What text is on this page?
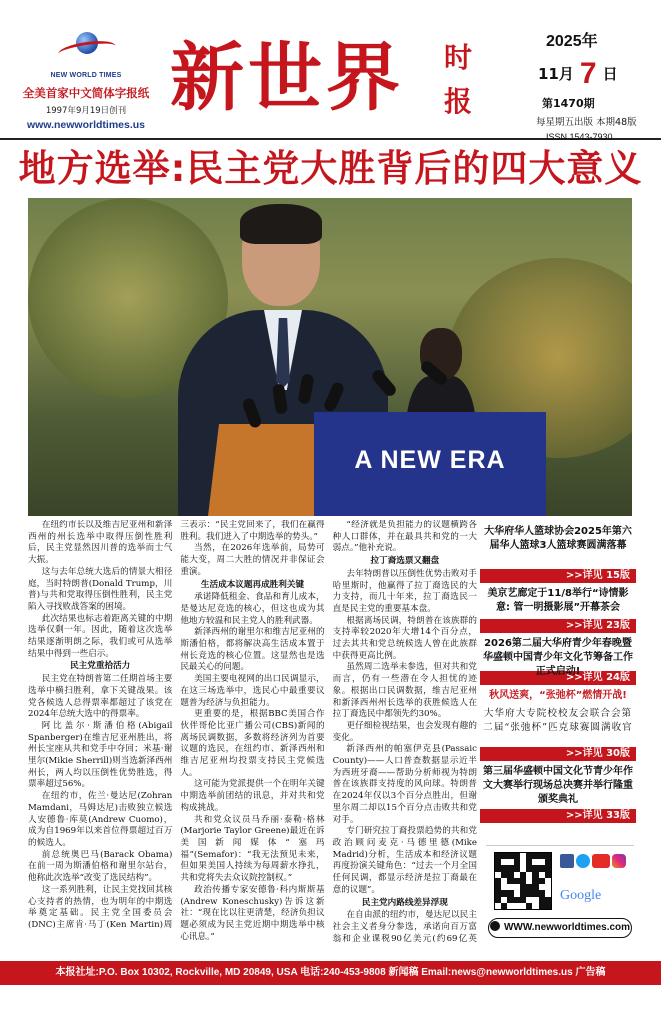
NEW WORLD TIMES
全美首家中文简体字报纸
1997年9月19日创刊
www.newworldtimes.us
新世界 时
报
2025年
11月 7 日
第1470期
每星期五出版 本期48版
ISSN 1543-7930
地方选举:民主党大胜背后的四大意义
A NEW ERA

在纽约市长以及维吉尼亚州和新泽西州的州长选举中取得压倒性胜利后，民主党显然因川普的选举而士气大振。

这与去年总统大选后的情景大相径庭，当时特朗普(Donald Trump，川普)与共和党取得压倒性胜利，民主党陷入寻找败战答案的困境。

此次结果也标志着距离关键的中期选举仅剩一年。因此，随着这次选举结果逐渐明朗之际，我们或可从选举结果中得到一些启示。

民主党重拾活力

民主党在特朗普第二任期首场主要选举中横扫胜利，拿下关键战果。该党各候选人总得票率都超过了该党在2024年总统大选中的得票率。

阿比盖尔·斯潘伯格(Abigail Spanberger)在维吉尼亚州胜出，将州长宝座从共和党手中夺回；米基·谢里尔(Mikie Sherrill)则当选新泽西州州长，两人均以压倒性优势胜选，得票率超过56%。

在纽约市，佐兰·曼达尼(Zohran Mamdani，马姆达尼)击败独立候选人安德鲁·库莫(Andrew Cuomo)，成为自1969年以来首位得票超过百万的候选人。

前总统奥巴马(Barack Obama)在前一周为斯潘伯格和谢里尔站台，他称此次选举“改变了选民结构”。

这一系列胜利，让民主党找回其核心支持者的热情，也为明年的中期选举奠定基础。民主党全国委员会(DNC)主席肯·马丁(Ken Martin)周三表示：“民主党回来了，我们在赢得胜利。我们进入了中期选举的势头。”

当然，在2026年选举前，局势可能大变，周二大胜的情况并非保证会重演。

生活成本议题再成胜利关键

承诺降低租金、食品和育儿成本，是曼达尼竞选的核心，但这也成为其他地方较温和民主党人的胜利武器。

新泽西州的谢里尔和维吉尼亚州的斯潘伯格，都将解决高生活成本置于州长竞选的核心位置。这显然也是选民最关心的问题。

美国主要电视网的出口民调显示，在这三场选举中，选民心中最重要议题普为经济与负担能力。

更重要的是，根据BBC美国合作伙伴哥伦比亚广播公司(CBS)新闻的离场民调数据，多数将经济列为首要议题的选民，在纽约市、新泽西州和维吉尼亚州均投票支持民主党候选人。

这可能为党派提供一个在明年关键中期选举前团结的讯息，并对共和党构成挑战。

共和党众议员马乔丽·泰勒·格林(Marjorie Taylor Greene)最近在诉美国新闻媒体“塞玛福”(Semafor)：“我无法预见未来，但如果美国人持续为每周薪水挣扎，共和党将失去众议院控制权。”

政治传播专家安德鲁·科内斯斯基(Andrew Koneschusky)告诉这新社：“现在比以往更清楚，经济负担议题必须成为民主党近期中期选举中核心讯息。”

“经济就是负担能力的议题横跨各种人口群体，并在最具共和党的一大弱点。”他补充说。

拉丁裔选票又翻盘

去年特朗普以压倒性优势击败对手哈里斯时，他赢得了拉丁裔选民的大力支持，而几十年来，拉丁裔选民一直是民主党的重要基本盘。

根据离场民调，特朗普在该族群的支持率较2020年大增14个百分点，过去其共和党总统候选人曾在此族群中获得更高比例。

虽然周二选举未参选，但对共和党而言，仍有一些潜在令人担忧的迹象。根据出口民调数据，维吉尼亚州和新泽西州州长选举的获胜候选人在拉丁裔选民中都领先约30%。

更仔细检视结果，也会发现有趣的变化。

新泽西州的帕塞伊克县(Passaic County)——人口普查数据显示近半为西班牙裔——帮助分析师视为特朗普在该族群支持度的风向球。特朗普在2024年仅以3个百分点胜出，但谢里尔周二却以15个百分点击败共和党对手。

专门研究拉丁裔投票趋势的共和党政治顾问麦克·马德里德(Mike Madrid)分析，生活成本和经济议题再度扮演关键角色：“过去一个月全国任何民调，都显示经济是拉丁裔最在意的议题”。

民主党内路线差异浮现

在自由派的纽约市，曼达尼以民主社会主义者身分参选，承诺向百万富翁和企业课税90亿美元(约69亿英

大华府华人篮球协会2025年第六届华人篮球3人篮球赛圆满落幕
>>详见 15版
美京艺廊定于11/8举行“诗情影意: 管一明摄影展”开幕茶会
>>详见 23版
2026第二届大华府青少年春晚暨华盛顿中国青少年文化节筹备工作正式启动!
>>详见 24版
秋风送爽，“张弛杯”燃情开战!
大华府大专院校校友会联合会第二届“张弛杯”匹克球赛圆满收官
>>详见 30版
第三届华盛顿中国文化节青少年作文大赛举行现场总决赛并举行隆重颁奖典礼
>>详见 33版
Google
WWW.newworldtimes.com
本报社址:P.O. Box 10302, Rockville, MD 20849, USA 电话:240-453-9808 新闻稿 Email:news@newworldtimes.us 广告稿 Email:ad@newworldtimes.us
